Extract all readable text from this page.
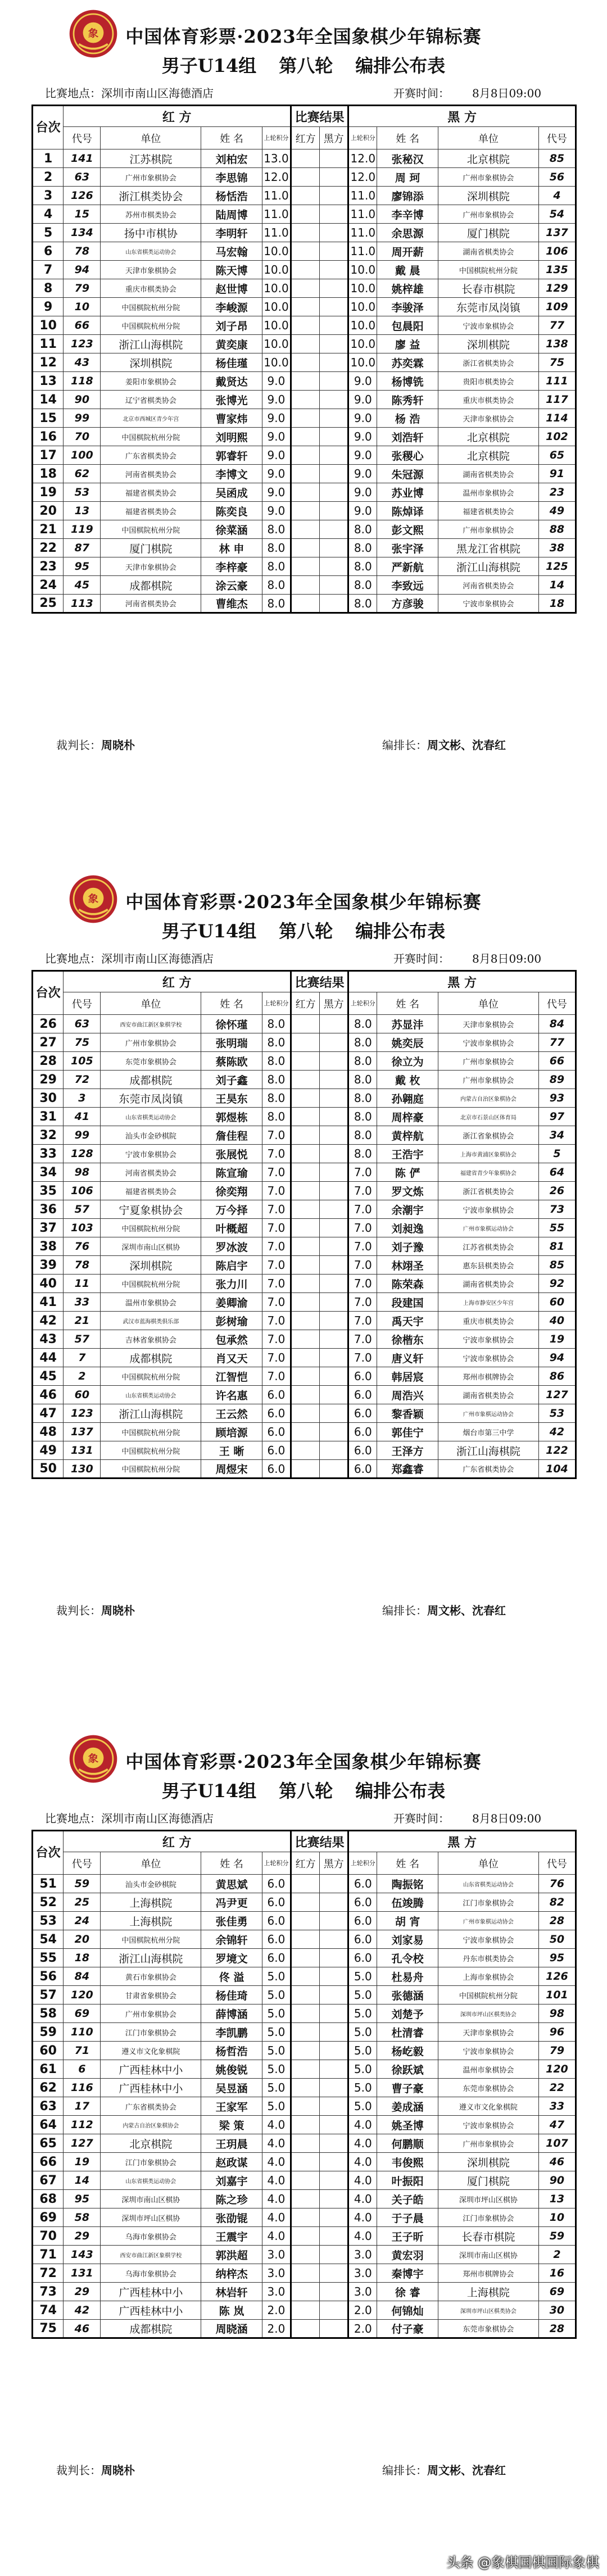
象	中国体育彩票·2023年全国象棋少年锦标赛
男子U14组 第八轮 编排公布表
比赛地点：深圳市南山区海德酒店	开赛时间： 8月8日09:00
台次	红 方				比赛结果		黑 方			
	代号	单位	姓 名	上轮积分	红方	黑方	上轮积分	姓 名	单位	代号
1	141	江苏棋院	刘柏宏	13.0			12.0	张秘汉	北京棋院	85
2	63	广州市象棋协会	李思锦	12.0			12.0	周 珂	广州市象棋协会	56
3	126	浙江棋类协会	杨恬浩	11.0			11.0	廖锦添	深圳棋院	4
4	15	苏州市棋类协会	陆周博	11.0			11.0	李辛博	广州市象棋协会	54
5	134	扬中市棋协	李明轩	11.0			11.0	余思源	厦门棋院	137
6	78	山东省棋类运动协会	马宏翰	10.0			11.0	周开薪	湖南省棋类协会	106
7	94	天津市象棋协会	陈天博	10.0			10.0	戴 晨	中国棋院杭州分院	135
8	79	重庆市棋类协会	赵世博	10.0			10.0	姚梓雄	长春市棋院	129
9	10	中国棋院杭州分院	李峻源	10.0			10.0	李骏泽	东莞市凤岗镇	109
10	66	中国棋院杭州分院	刘子昂	10.0			10.0	包晨阳	宁波市象棋协会	77
11	123	浙江山海棋院	黄奕康	10.0			10.0	廖 益	深圳棋院	138
12	43	深圳棋院	杨佳瑾	10.0			10.0	苏奕霖	浙江省棋类协会	75
13	118	姜阳市象棋协会	戴贤达	9.0			9.0	杨博铣	贵阳市棋类协会	111
14	90	辽宁省棋类协会	张博光	9.0			9.0	陈秀轩	重庆市棋类协会	117
15	99	北京市西城区青少年宫	曹家炜	9.0			9.0	杨 浩	天津市象棋协会	114
16	70	中国棋院杭州分院	刘明熙	9.0			9.0	刘浩轩	北京棋院	102
17	100	广东省棋类协会	郭睿轩	9.0			9.0	张稷心	北京棋院	65
18	62	河南省棋类协会	李博文	9.0			9.0	朱冠源	湖南省棋类协会	91
19	53	福建省棋类协会	吴函成	9.0			9.0	苏业博	温州市象棋协会	23
20	13	福建省棋类协会	陈奕良	9.0			9.0	陈焯译	福建省棋类协会	49
21	119	中国棋院杭州分院	徐菜涵	8.0			8.0	彭文熙	广州市象棋协会	88
22	87	厦门棋院	林 申	8.0			8.0	张宇泽	黑龙江省棋院	38
23	95	天津市象棋协会	李梓豪	8.0			8.0	严新航	浙江山海棋院	125
24	45	成都棋院	涂云豪	8.0			8.0	李致远	河南省棋类协会	14
25	113	河南省棋类协会	曹维杰	8.0			8.0	方彦骏	宁波市象棋协会	18
裁判长：周晓朴	编排长：周文彬、沈春红
象	中国体育彩票·2023年全国象棋少年锦标赛
男子U14组 第八轮 编排公布表
比赛地点：深圳市南山区海德酒店	开赛时间： 8月8日09:00
台次	红 方				比赛结果		黑 方			
	代号	单位	姓 名	上轮积分	红方	黑方	上轮积分	姓 名	单位	代号
26	63	西安市曲江新区象棋学校	徐怀瑾	8.0			8.0	苏显沣	天津市象棋协会	84
27	75	广州市象棋协会	张明瑞	8.0			8.0	姚奕辰	宁波市象棋协会	77
28	105	东莞市象棋协会	蔡陈欧	8.0			8.0	徐立为	广州市象棋协会	66
29	72	成都棋院	刘子鑫	8.0			8.0	戴 枚	广州市象棋协会	89
30	3	东莞市凤岗镇	王昊东	8.0			8.0	孙翱庭	内蒙古自治区象棋协会	93
31	41	山东省棋类运动协会	郭煜栋	8.0			8.0	周梓豪	北京市石景山区体育局	97
32	99	汕头市金砂棋院	詹佳程	7.0			8.0	黄梓航	浙江省象棋协会	34
33	128	宁波市象棋协会	张展悦	7.0			8.0	王浩宇	上海市黄浦区象棋协会	5
34	98	河南省棋类协会	陈宣瑜	7.0			7.0	陈 俨	福建省青少年象棋协会	64
35	106	福建省棋类协会	徐奕翔	7.0			7.0	罗文炼	浙江省棋类协会	26
36	57	宁夏象棋协会	万今择	7.0			7.0	余潮宇	宁波市象棋协会	73
37	103	中国棋院杭州分院	叶概超	7.0			7.0	刘昶逸	广州市象棋运动协会	55
38	76	深圳市南山区棋协	罗冰波	7.0			7.0	刘子豫	江苏省棋类协会	81
39	78	深圳棋院	陈启宇	7.0			7.0	林翊圣	惠东县棋类协会	85
40	11	中国棋院杭州分院	张力川	7.0			7.0	陈荣森	湖南省棋类协会	92
41	33	温州市象棋协会	姜卿渝	7.0			7.0	段建国	上海市静安区少年宫	60
42	21	武汉市蓝海棋类俱乐部	彭树瑜	7.0			7.0	禹天宇	重庆市棋类协会	40
43	57	吉林省象棋协会	包承然	7.0			7.0	徐楷东	宁波市象棋协会	19
44	7	成都棋院	肖又天	7.0			7.0	唐义轩	宁波市象棋协会	94
45	2	中国棋院杭州分院	江智恺	7.0			6.0	韩居宸	郑州市棋牌协会	86
46	60	山东省棋类运动协会	许名惠	6.0			6.0	周浩兴	湖南省棋类协会	127
47	123	浙江山海棋院	王云然	6.0			6.0	黎香颖	广州市象棋运动协会	53
48	137	中国棋院杭州分院	顾培源	6.0			6.0	郭佳宁	烟台市第三中学	42
49	131	中国棋院杭州分院	王 晰	6.0			6.0	王泽方	浙江山海棋院	122
50	130	中国棋院杭州分院	周煜宋	6.0			6.0	郑鑫睿	广东省棋类协会	104
裁判长：周晓朴	编排长：周文彬、沈春红
象	中国体育彩票·2023年全国象棋少年锦标赛
男子U14组 第八轮 编排公布表
比赛地点：深圳市南山区海德酒店	开赛时间： 8月8日09:00
台次	红 方				比赛结果		黑 方			
	代号	单位	姓 名	上轮积分	红方	黑方	上轮积分	姓 名	单位	代号
51	59	汕头市金砂棋院	黄思斌	6.0			6.0	陶振铭	山东省棋类运动协会	76
52	25	上海棋院	冯尹更	6.0			6.0	伍竣腾	江门市象棋协会	82
53	24	上海棋院	张佳勇	6.0			6.0	胡 宵	广州市象棋运动协会	28
54	20	中国棋院杭州分院	余锦轩	6.0			6.0	刘家易	宁波市象棋协会	50
55	18	浙江山海棋院	罗境文	6.0			6.0	孔令校	丹东市棋类协会	95
56	84	黄石市象棋协会	佟 溢	5.0			5.0	杜易舟	上海市象棋协会	126
57	120	甘肃省象棋协会	杨佳琦	5.0			5.0	张德涵	中国棋院杭州分院	101
58	69	广州市象棋协会	薛博涵	5.0			5.0	刘楚予	深圳市坪山区棋类协会	98
59	110	江门市象棋协会	李凯鹏	5.0			5.0	杜清睿	天津市象棋协会	96
60	71	遵义市文化象棋院	杨哲浩	5.0			5.0	杨屹毅	宁波市象棋协会	79
61	6	广西桂林中小	姚俊锐	5.0			5.0	徐跃斌	温州市象棋协会	120
62	116	广西桂林中小	吴昱涵	5.0			5.0	曹子豪	东莞市象棋协会	22
63	17	广东省棋类协会	王家军	5.0			5.0	姜成涵	遵义市文化象棋院	33
64	112	内蒙古自治区象棋协会	梁 策	4.0			4.0	姚圣博	宁波市象棋协会	47
65	127	北京棋院	王玥晨	4.0			4.0	何鹏顺	广州市象棋协会	107
66	19	江门市象棋协会	赵政谋	4.0			4.0	韦俊熙	深圳棋院	46
67	14	山东省棋类运动协会	刘嘉宇	4.0			4.0	叶振阳	厦门棋院	90
68	95	深圳市南山区棋协	陈之珍	4.0			4.0	关子皓	深圳市坪山区棋协	13
69	58	深圳市坪山区棋协	张劭锟	4.0			4.0	于子晨	江门市象棋协会	10
70	29	乌海市象棋协会	王震宇	4.0			4.0	王子昕	长春市棋院	59
71	143	西安市曲江新区象棋学校	郭洪超	3.0			3.0	黄宏羽	深圳市南山区棋协	2
72	131	乌海市象棋协会	纳梓杰	3.0			3.0	秦博宇	郑州市棋牌协会	16
73	29	广西桂林中小	林岩轩	3.0			3.0	徐 睿	上海棋院	69
74	42	广西桂林中小	陈 岚	2.0			2.0	何锦灿	深圳市坪山区棋类协会	30
75	46	成都棋院	周晓涵	2.0			2.0	付子豪	东莞市象棋协会	28
裁判长：周晓朴	编排长：周文彬、沈春红
头条 @象棋国棋国际象棋
